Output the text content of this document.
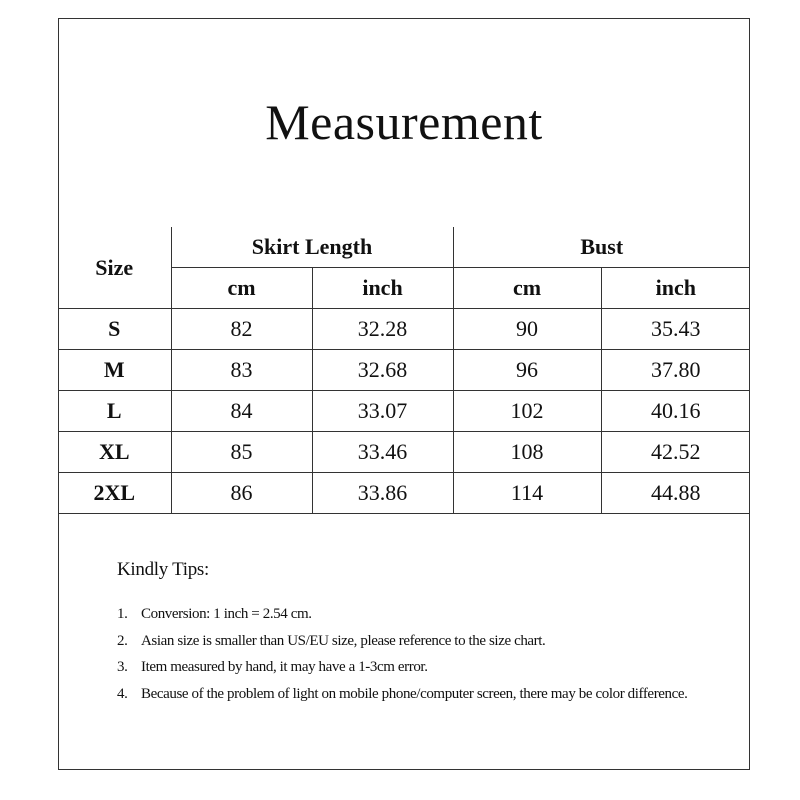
Measurement
Size	Skirt Length		Bust	
	cm	inch	cm	inch
S	82	32.28	90	35.43
M	83	32.68	96	37.80
L	84	33.07	102	40.16
XL	85	33.46	108	42.52
2XL	86	33.86	114	44.88

Kindly Tips:

1. Conversion: 1 inch = 2.54 cm.
2. Asian size is smaller than US/EU size, please reference to the size chart.
3. Item measured by hand, it may have a 1-3cm error.
4. Because of the problem of light on mobile phone/computer screen, there may be color difference.
